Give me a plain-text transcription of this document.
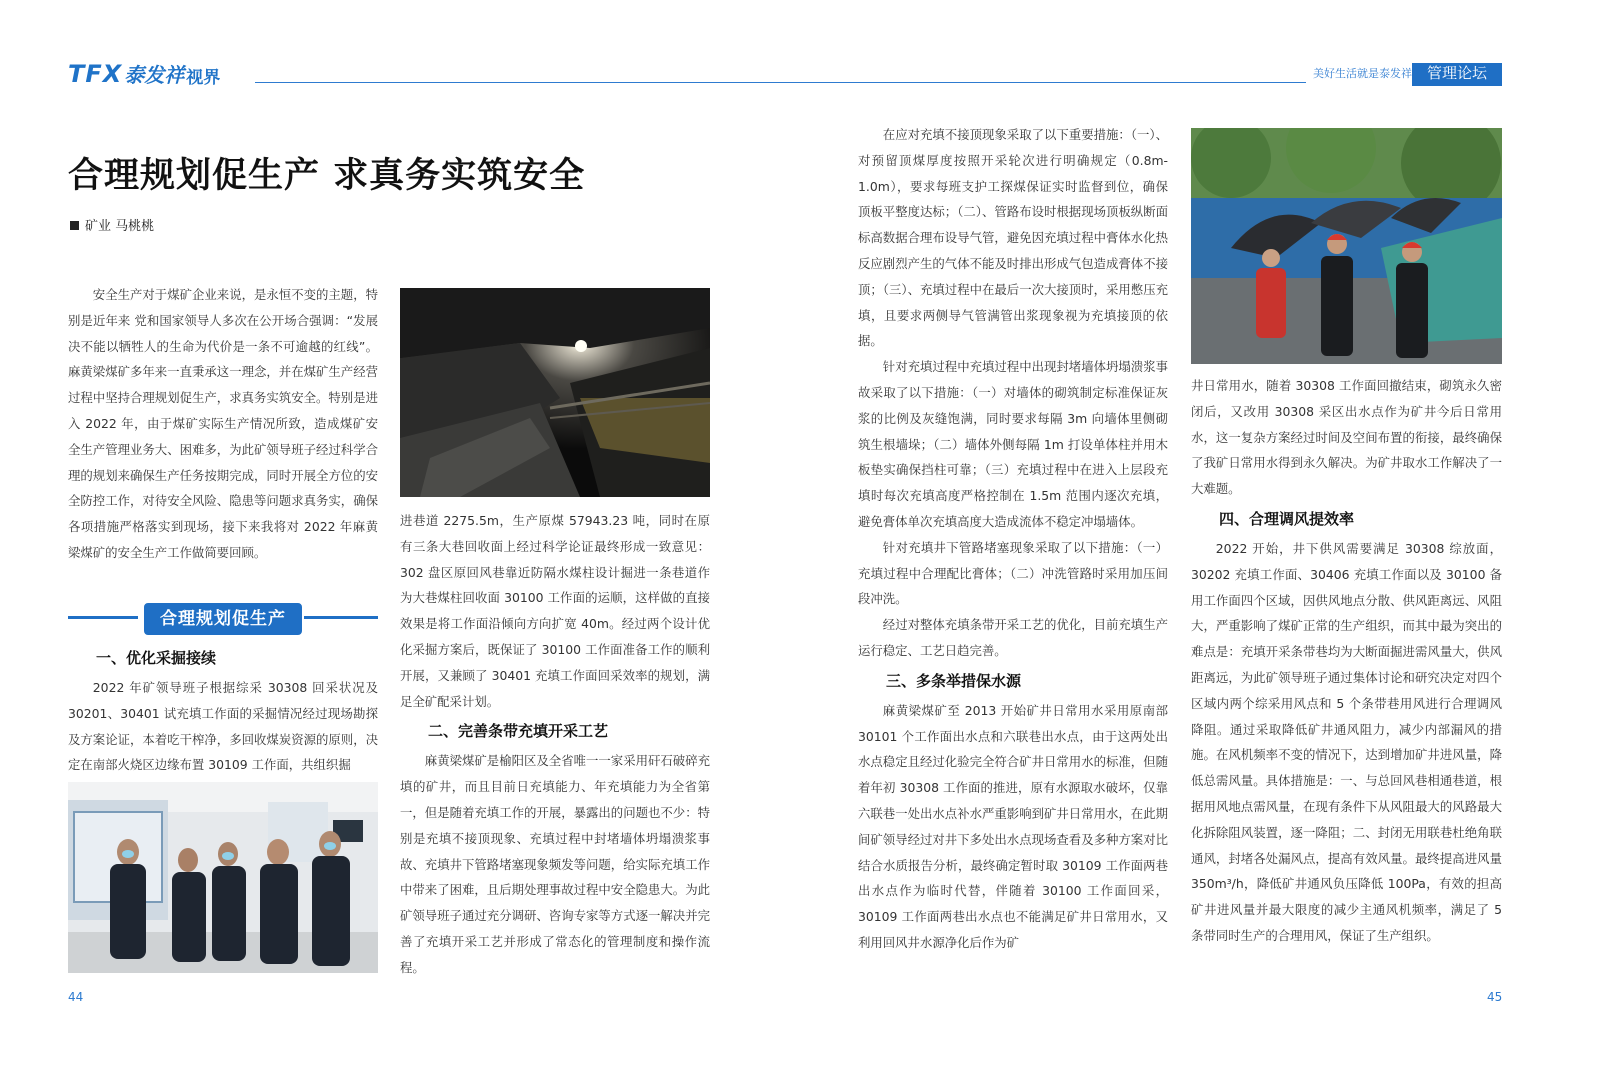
TFX 泰发祥 视界	美好生活就是泰发祥 管理论坛
合理规划促生产 求真务实筑安全
矿业 马桃桃

安全生产对于煤矿企业来说，是永恒不变的主题，特别是近年来 党和国家领导人多次在公开场合强调：“发展决不能以牺牲人的生命为代价是一条不可逾越的红线”。麻黄梁煤矿多年来一直秉承这一理念，并在煤矿生产经营过程中坚持合理规划促生产，求真务实筑安全。特别是进入 2022 年，由于煤矿实际生产情况所致，造成煤矿安全生产管理业务大、困难多，为此矿领导班子经过科学合理的规划来确保生产任务按期完成，同时开展全方位的安全防控工作，对待安全风险、隐患等问题求真务实，确保各项措施严格落实到现场，接下来我将对 2022 年麻黄梁煤矿的安全生产工作做简要回顾。

合理规划促生产
一、优化采掘接续

2022 年矿领导班子根据综采 30308 回采状况及 30201、30401 试充填工作面的采掘情况经过现场勘探及方案论证，本着吃干榨净，多回收煤炭资源的原则，决定在南部火烧区边缘布置 30109 工作面，共组织掘

进巷道 2275.5m，生产原煤 57943.23 吨，同时在原有三条大巷回收面上经过科学论证最终形成一致意见：302 盘区原回风巷靠近防隔水煤柱设计掘进一条巷道作为大巷煤柱回收面 30100 工作面的运顺，这样做的直接效果是将工作面沿倾向方向扩宽 40m。经过两个设计优化采掘方案后，既保证了 30100 工作面准备工作的顺利开展，又兼顾了 30401 充填工作面回采效率的规划，满足全矿配采计划。

二、完善条带充填开采工艺

麻黄梁煤矿是榆阳区及全省唯一一家采用矸石破碎充填的矿井，而且目前日充填能力、年充填能力为全省第一，但是随着充填工作的开展，暴露出的问题也不少：特别是充填不接顶现象、充填过程中封堵墙体坍塌溃浆事故、充填井下管路堵塞现象频发等问题，给实际充填工作中带来了困难，且后期处理事故过程中安全隐患大。为此矿领导班子通过充分调研、咨询专家等方式逐一解决并完善了充填开采工艺并形成了常态化的管理制度和操作流程。

在应对充填不接顶现象采取了以下重要措施：（一）、对预留顶煤厚度按照开采轮次进行明确规定（0.8m-1.0m），要求每班支护工探煤保证实时监督到位，确保顶板平整度达标；（二）、管路布设时根据现场顶板纵断面标高数据合理布设导气管，避免因充填过程中膏体水化热反应剧烈产生的气体不能及时排出形成气包造成膏体不接顶；（三）、充填过程中在最后一次大接顶时，采用憋压充填，且要求两侧导气管满管出浆现象视为充填接顶的依据。

针对充填过程中充填过程中出现封堵墙体坍塌溃浆事故采取了以下措施：（一）对墙体的砌筑制定标准保证灰浆的比例及灰缝饱满，同时要求每隔 3m 向墙体里侧砌筑生根墙垛；（二）墙体外侧每隔 1m 打设单体柱并用木板垫实确保挡柱可靠；（三）充填过程中在进入上层段充填时每次充填高度严格控制在 1.5m 范围内逐次充填，避免膏体单次充填高度大造成流体不稳定冲塌墙体。

针对充填井下管路堵塞现象采取了以下措施：（一）充填过程中合理配比膏体；（二）冲洗管路时采用加压间段冲洗。

经过对整体充填条带开采工艺的优化，目前充填生产运行稳定、工艺日趋完善。

三、多条举措保水源

麻黄梁煤矿至 2013 开始矿井日常用水采用原南部 30101 个工作面出水点和六联巷出水点，由于这两处出水点稳定且经过化验完全符合矿井日常用水的标准，但随着年初 30308 工作面的推进，原有水源取水破坏，仅靠六联巷一处出水点补水严重影响到矿井日常用水，在此期间矿领导经过对井下多处出水点现场查看及多种方案对比结合水质报告分析，最终确定暂时取 30109 工作面两巷出水点作为临时代替，伴随着 30100 工作面回采，30109 工作面两巷出水点也不能满足矿井日常用水，又利用回风井水源净化后作为矿

井日常用水，随着 30308 工作面回撤结束，砌筑永久密闭后，又改用 30308 采区出水点作为矿井今后日常用水，这一复杂方案经过时间及空间布置的衔接，最终确保了我矿日常用水得到永久解决。为矿井取水工作解决了一大难题。

四、合理调风提效率

2022 开始，井下供风需要满足 30308 综放面，30202 充填工作面、30406 充填工作面以及 30100 备用工作面四个区域，因供风地点分散、供风距离远、风阻大，严重影响了煤矿正常的生产组织，而其中最为突出的难点是：充填开采条带巷均为大断面掘进需风量大，供风距离远，为此矿领导班子通过集体讨论和研究决定对四个区域内两个综采用风点和 5 个条带巷用风进行合理调风降阻。通过采取降低矿井通风阻力，减少内部漏风的措施。在风机频率不变的情况下，达到增加矿井进风量，降低总需风量。具体措施是：一、与总回风巷相通巷道，根据用风地点需风量，在现有条件下从风阻最大的风路最大化拆除阻风装置，逐一降阻；二、封闭无用联巷杜绝角联通风，封堵各处漏风点，提高有效风量。最终提高进风量 350m³/h，降低矿井通风负压降低 100Pa，有效的担高矿井进风量并最大限度的减少主通风机频率，满足了 5 条带同时生产的合理用风，保证了生产组织。

44	45
